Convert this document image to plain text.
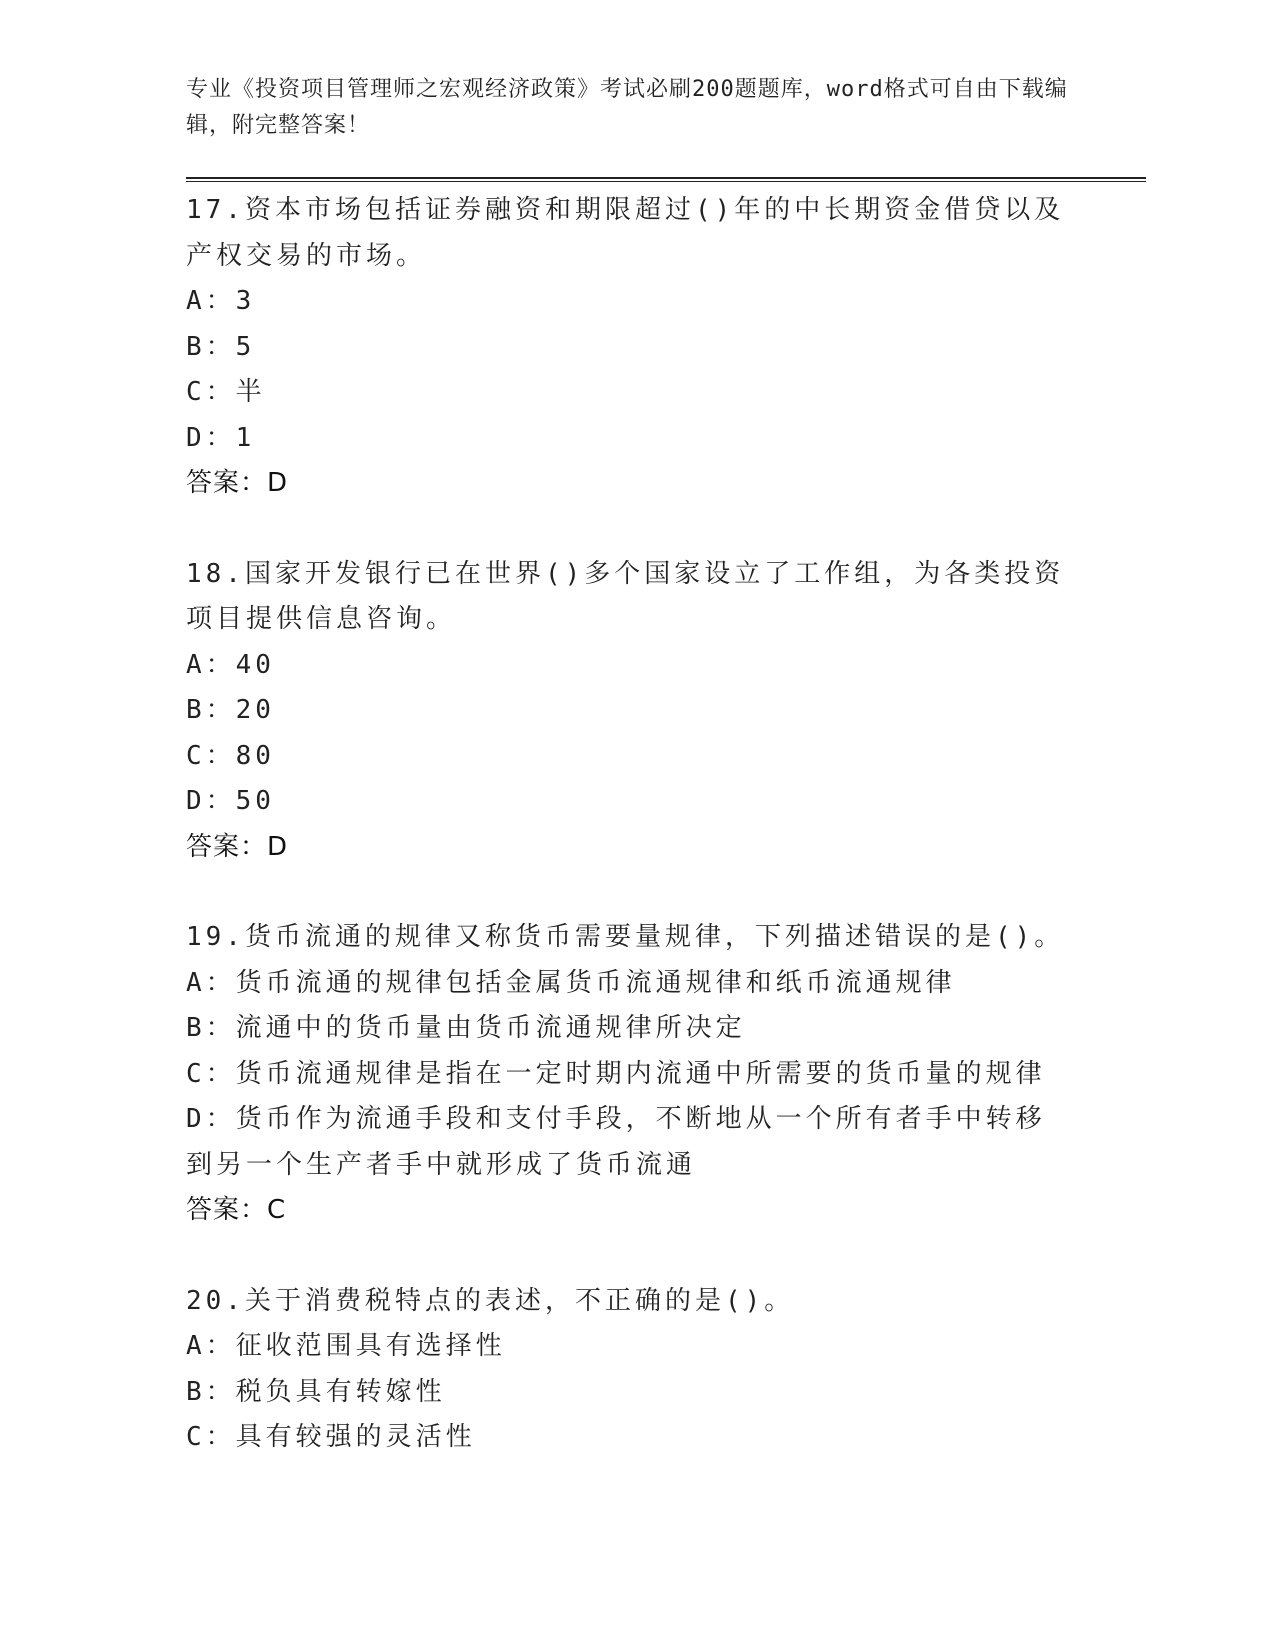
专业《投资项目管理师之宏观经济政策》考试必刷200题题库，word格式可自由下载编辑，附完整答案！
17.资本市场包括证券融资和期限超过()年的中长期资金借贷以及产权交易的市场。
A：3
B：5
C：半
D：1
答案：D
18.国家开发银行已在世界()多个国家设立了工作组，为各类投资项目提供信息咨询。
A：40
B：20
C：80
D：50
答案：D
19.货币流通的规律又称货币需要量规律，下列描述错误的是()。
A：货币流通的规律包括金属货币流通规律和纸币流通规律
B：流通中的货币量由货币流通规律所决定
C：货币流通规律是指在一定时期内流通中所需要的货币量的规律
D：货币作为流通手段和支付手段，不断地从一个所有者手中转移到另一个生产者手中就形成了货币流通
答案：C
20.关于消费税特点的表述，不正确的是()。
A：征收范围具有选择性
B：税负具有转嫁性
C：具有较强的灵活性
